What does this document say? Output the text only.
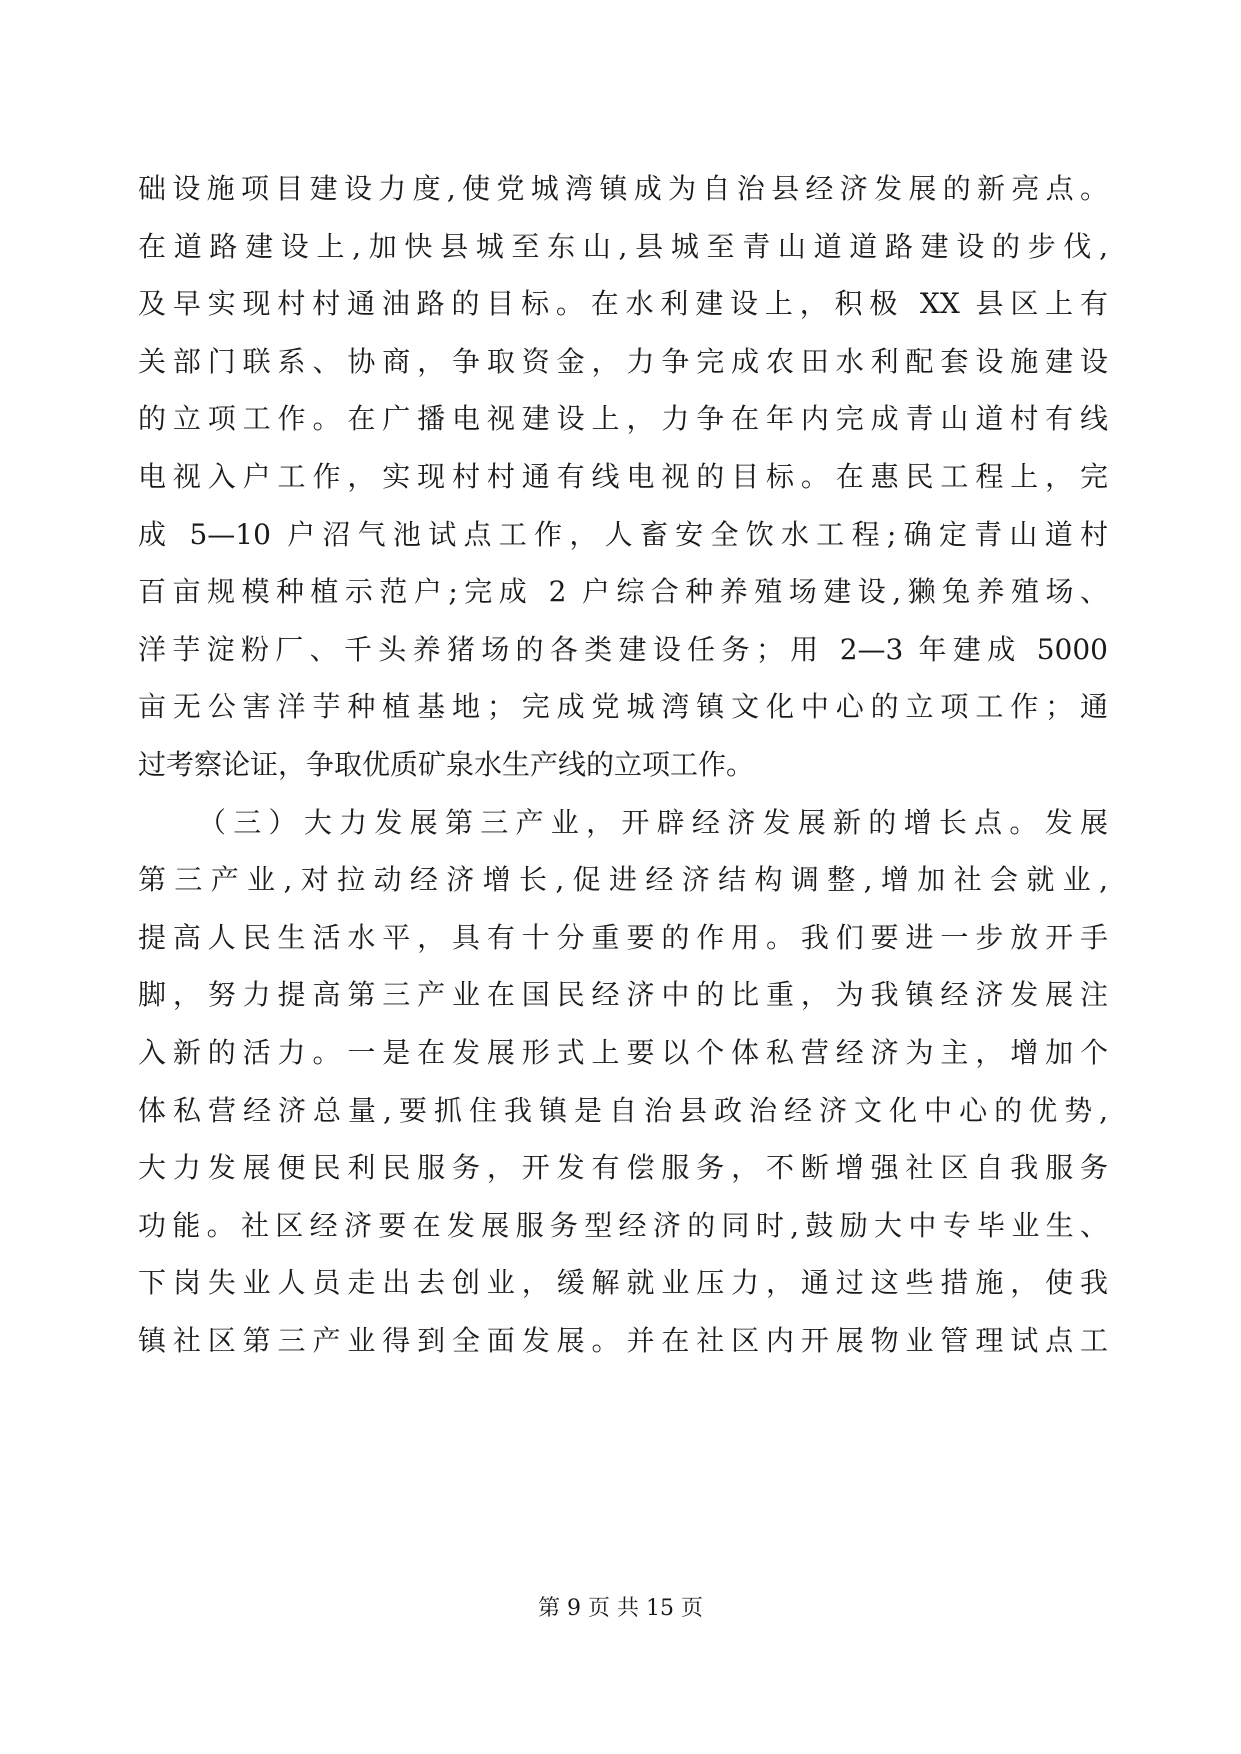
础设施项目建设力度,使党城湾镇成为自治县经济发展的新亮点。
在道路建设上,加快县城至东山,县城至青山道道路建设的步伐,
及早实现村村通油路的目标。在水利建设上，积极 XX 县区上有
关部门联系、协商，争取资金，力争完成农田水利配套设施建设
的立项工作。在广播电视建设上，力争在年内完成青山道村有线
电视入户工作，实现村村通有线电视的目标。在惠民工程上，完
成 5—10 户沼气池试点工作，人畜安全饮水工程;确定青山道村
百亩规模种植示范户;完成 2 户综合种养殖场建设,獭兔养殖场、
洋芋淀粉厂、千头养猪场的各类建设任务；用 2—3 年建成 5000
亩无公害洋芋种植基地；完成党城湾镇文化中心的立项工作；通
过考察论证，争取优质矿泉水生产线的立项工作。
（三）大力发展第三产业，开辟经济发展新的增长点。发展
第三产业,对拉动经济增长,促进经济结构调整,增加社会就业,
提高人民生活水平，具有十分重要的作用。我们要进一步放开手
脚，努力提高第三产业在国民经济中的比重，为我镇经济发展注
入新的活力。一是在发展形式上要以个体私营经济为主，增加个
体私营经济总量,要抓住我镇是自治县政治经济文化中心的优势,
大力发展便民利民服务，开发有偿服务，不断增强社区自我服务
功能。社区经济要在发展服务型经济的同时,鼓励大中专毕业生、
下岗失业人员走出去创业，缓解就业压力，通过这些措施，使我
镇社区第三产业得到全面发展。并在社区内开展物业管理试点工
第 9 页 共 15 页
